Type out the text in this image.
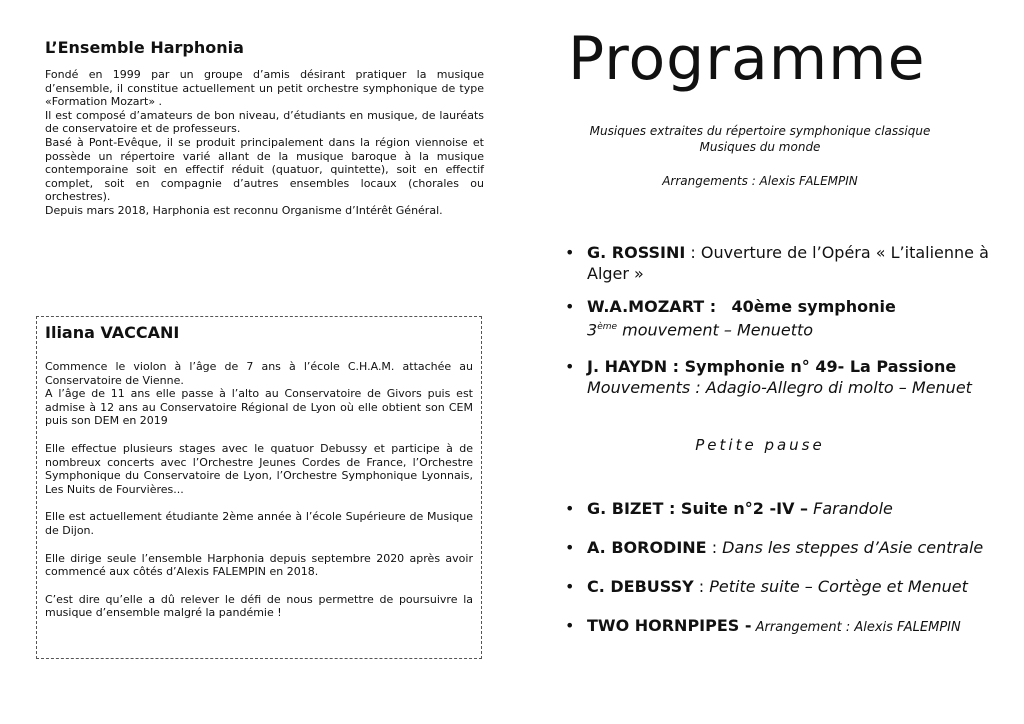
L’Ensemble Harphonia

Fondé en 1999 par un groupe d’amis désirant pratiquer la musique d’ensemble, il constitue actuellement un petit orchestre symphonique de type «Formation Mozart» .

Il est composé d’amateurs de bon niveau, d’étudiants en musique, de lauréats de conservatoire et de professeurs.

Basé à Pont-Evêque, il se produit principalement dans la région viennoise et possède un répertoire varié allant de la musique baroque à la musique contemporaine soit en effectif réduit (quatuor, quintette), soit en effectif complet, soit en compagnie d’autres ensembles locaux (chorales ou orchestres).

Depuis mars 2018, Harphonia est reconnu Organisme d’Intérêt Général.

Iliana VACCANI

Commence le violon à l’âge de 7 ans à l’école C.H.A.M. attachée au Conservatoire de Vienne.

A l’âge de 11 ans elle passe à l’alto au Conservatoire de Givors puis est admise à 12 ans au Conservatoire Régional de Lyon où elle obtient son CEM puis son DEM en 2019

Elle effectue plusieurs stages avec le quatuor Debussy et participe à de nombreux concerts avec l’Orchestre Jeunes Cordes de France, l’Orchestre Symphonique du Conservatoire de Lyon, l’Orchestre Symphonique Lyonnais, Les Nuits de Fourvières...

Elle est actuellement étudiante 2ème année à l’école Supérieure de Musique de Dijon.

Elle dirige seule l’ensemble Harphonia depuis septembre 2020 après avoir commencé aux côtés d’Alexis FALEMPIN en 2018.

C’est dire qu’elle a dû relever le défi de nous permettre de poursuivre la musique d’ensemble malgré la pandémie !

Programme
Musiques extraites du répertoire symphonique classique
Musiques du monde
Arrangements : Alexis FALEMPIN
• G. ROSSINI : Ouverture de l’Opéra « L’italienne à Alger »
• W.A.MOZART : 40ème symphonie
3ème mouvement – Menuetto
• J. HAYDN : Symphonie n° 49- La Passione
Mouvements : Adagio-Allegro di molto – Menuet
Petite pause
• G. BIZET : Suite n°2 -IV – Farandole
• A. BORODINE : Dans les steppes d’Asie centrale
• C. DEBUSSY : Petite suite – Cortège et Menuet
• TWO HORNPIPES - Arrangement : Alexis FALEMPIN
